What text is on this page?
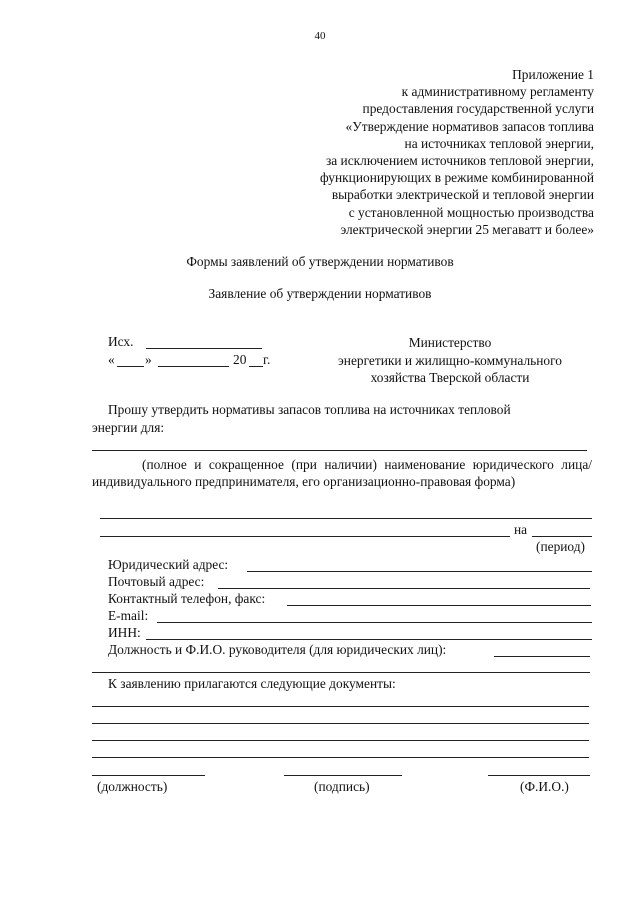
40
Приложение 1
к административному регламенту
предоставления государственной услуги
«Утверждение нормативов запасов топлива
на источниках тепловой энергии,
за исключением источников тепловой энергии,
функционирующих в режиме комбинированной
выработки электрической и тепловой энергии
с установленной мощностью производства
электрической энергии 25 мегаватт и более»
Формы заявлений об утверждении нормативов
Заявление об утверждении нормативов
Исх.
« »	20 г.
Министерство
энергетики и жилищно-коммунального
хозяйства Тверской области
Прошу утвердить нормативы запасов топлива на источниках тепловой
энергии для:
(полное и сокращенное (при наличии) наименование юридического лица/индивидуального предпринимателя, его организационно-правовая форма)
на
(период)
Юридический адрес:
Почтовый адрес:
Контактный телефон, факс:
E-mail:
ИНН:
Должность и Ф.И.О. руководителя (для юридических лиц):
К заявлению прилагаются следующие документы:
(должность)	(подпись)	(Ф.И.О.)
